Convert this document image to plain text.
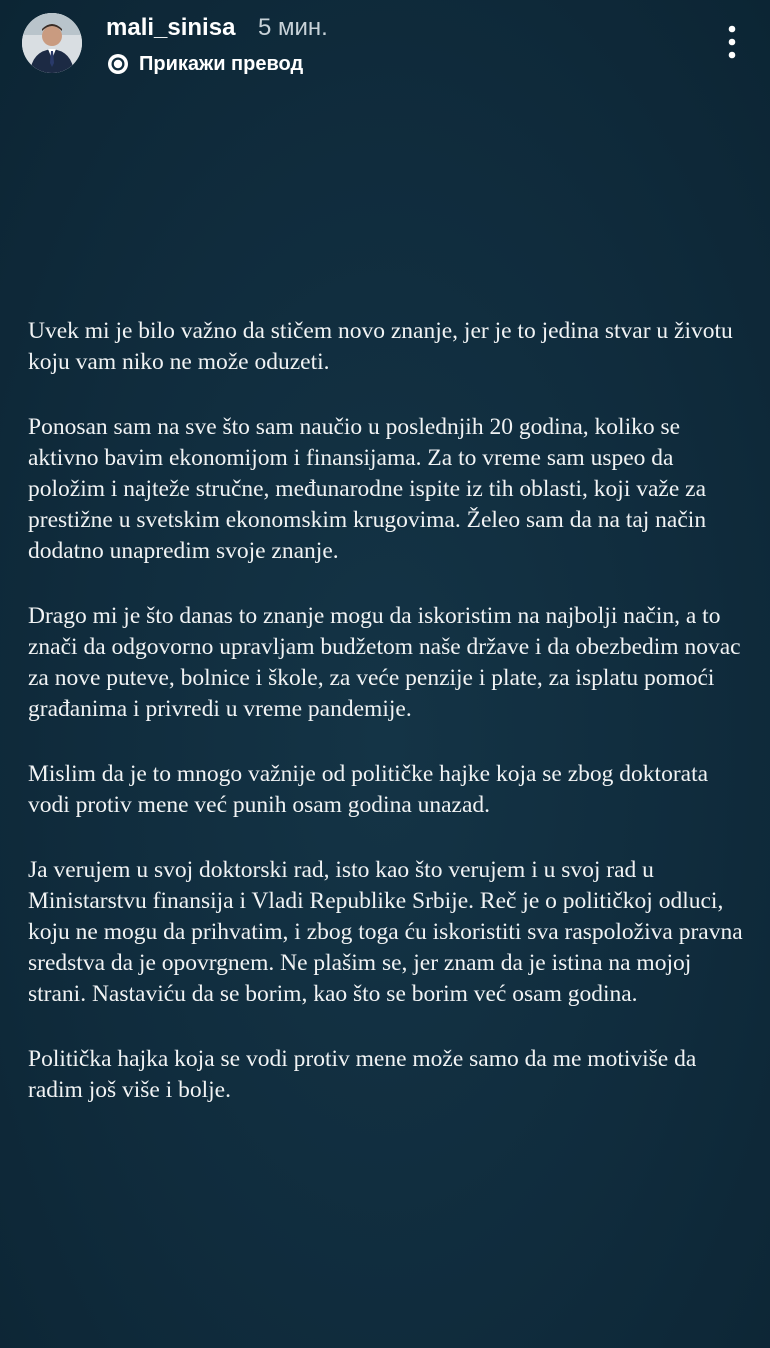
mali_sinisa 5 мин.
Прикажи превод

Uvek mi je bilo važno da stičem novo znanje, jer je to jedina stvar u životu koju vam niko ne može oduzeti.

Ponosan sam na sve što sam naučio u poslednjih 20 godina, koliko se aktivno bavim ekonomijom i finansijama. Za to vreme sam uspeo da položim i najteže stručne, međunarodne ispite iz tih oblasti, koji važe za prestižne u svetskim ekonomskim krugovima. Želeo sam da na taj način dodatno unapredim svoje znanje.

Drago mi je što danas to znanje mogu da iskoristim na najbolji način, a to znači da odgovorno upravljam budžetom naše države i da obezbedim novac za nove puteve, bolnice i škole, za veće penzije i plate, za isplatu pomoći građanima i privredi u vreme pandemije.

Mislim da je to mnogo važnije od političke hajke koja se zbog doktorata vodi protiv mene već punih osam godina unazad.

Ja verujem u svoj doktorski rad, isto kao što verujem i u svoj rad u Ministarstvu finansija i Vladi Republike Srbije. Reč je o političkoj odluci, koju ne mogu da prihvatim, i zbog toga ću iskoristiti sva raspoloživa pravna sredstva da je opovrgnem. Ne plašim se, jer znam da je istina na mojoj strani. Nastaviću da se borim, kao što se borim već osam godina.

Politička hajka koja se vodi protiv mene može samo da me motiviše da radim još više i bolje.
